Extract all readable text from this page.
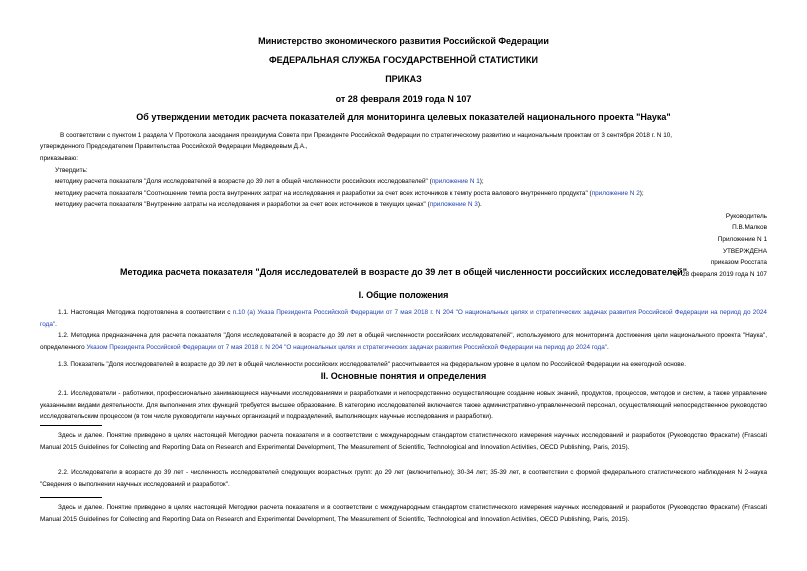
Министерство экономического развития Российской Федерации
ФЕДЕРАЛЬНАЯ СЛУЖБА ГОСУДАРСТВЕННОЙ СТАТИСТИКИ
ПРИКАЗ
от 28 февраля 2019 года N 107
Об утверждении методик расчета показателей для мониторинга целевых показателей национального проекта "Наука"
В соответствии с пунктом 1 раздела V Протокола заседания президиума Совета при Президенте Российской Федерации по стратегическому развитию и национальным проектам от 3 сентября 2018 г. N 10,
утвержденного Председателем Правительства Российской Федерации Медведевым Д.А.,
приказываю:
Утвердить:
методику расчета показателя "Доля исследователей в возрасте до 39 лет в общей численности российских исследователей" (приложение N 1);
методику расчета показателя "Соотношение темпа роста внутренних затрат на исследования и разработки за счет всех источников к темпу роста валового внутреннего продукта" (приложение N 2);
методику расчета показателя "Внутренние затраты на исследования и разработки за счет всех источников в текущих ценах" (приложение N 3).
Руководитель
П.В.Малков
Приложение N 1
УТВЕРЖДЕНА
приказом Росстата
от 28 февраля 2019 года N 107
Методика расчета показателя "Доля исследователей в возрасте до 39 лет в общей численности российских исследователей"
I. Общие положения
1.1. Настоящая Методика подготовлена в соответствии с п.10 (а) Указа Президента Российской Федерации от 7 мая 2018 г. N 204 "О национальных целях и стратегических задачах развития Российской Федерации на период до 2024 года".
1.2. Методика предназначена для расчета показателя "Доля исследователей в возрасте до 39 лет в общей численности российских исследователей", используемого для мониторинга достижения цели национального проекта "Наука", определенного Указом Президента Российской Федерации от 7 мая 2018 г. N 204 "О национальных целях и стратегических задачах развития Российской Федерации на период до 2024 года".
1.3. Показатель "Доля исследователей в возрасте до 39 лет в общей численности российских исследователей" рассчитывается на федеральном уровне в целом по Российской Федерации на ежегодной основе.
II. Основные понятия и определения
2.1. Исследователи - работники, профессионально занимающиеся научными исследованиями и разработками и непосредственно осуществляющие создание новых знаний, продуктов, процессов, методов и систем, а также управление указанными видами деятельности. Для выполнения этих функций требуется высшее образование. В категорию исследователей включается также административно-управленческий персонал, осуществляющий непосредственное руководство исследовательским процессом (в том числе руководители научных организаций и подразделений, выполняющих научные исследования и разработки).
Здесь и далее. Понятие приведено в целях настоящей Методики расчета показателя и в соответствии с международным стандартом статистического измерения научных исследований и разработок (Руководство Фраскати) (Frascati Manual 2015 Guidelines for Collecting and Reporting Data on Research and Experimental Development, The Measurement of Scientific, Technological and Innovation Activities, OECD Publishing, Paris, 2015).
2.2. Исследователи в возрасте до 39 лет - численность исследователей следующих возрастных групп: до 29 лет (включительно); 30-34 лет; 35-39 лет, в соответствии с формой федерального статистического наблюдения N 2-наука "Сведения о выполнении научных исследований и разработок".
Здесь и далее. Понятие приведено в целях настоящей Методики расчета показателя и в соответствии с международным стандартом статистического измерения научных исследований и разработок (Руководство Фраскати) (Frascati Manual 2015 Guidelines for Collecting and Reporting Data on Research and Experimental Development, The Measurement of Scientific, Technological and Innovation Activities, OECD Publishing, Paris, 2015).
